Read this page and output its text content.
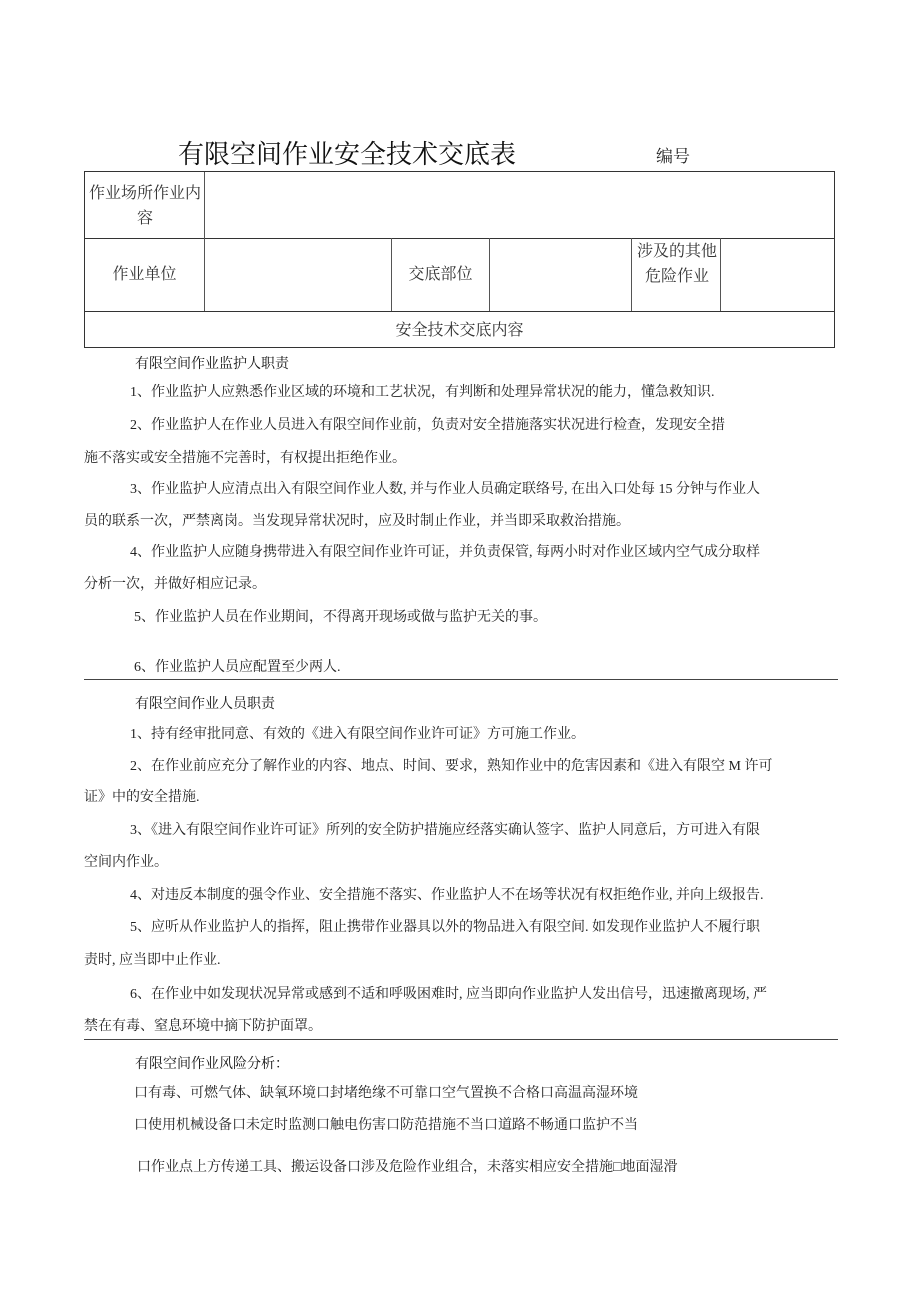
有限空间作业安全技术交底表	编号
作业场所作业内容
作业单位	交底部位
涉及的其他危险作业
安全技术交底内容
有限空间作业监护人职责
1、作业监护人应熟悉作业区域的环境和工艺状况，有判断和处理异常状况的能力，懂急救知识.
2、作业监护人在作业人员进入有限空间作业前，负责对安全措施落实状况进行检查，发现安全措
施不落实或安全措施不完善时，有权提出拒绝作业。
3、作业监护人应清点出入有限空间作业人数, 并与作业人员确定联络号, 在出入口处每 15 分钟与作业人
员的联系一次，严禁离岗。当发现异常状况时，应及时制止作业，并当即采取救治措施。
4、作业监护人应随身携带进入有限空间作业许可证，并负责保管, 每两小时对作业区域内空气成分取样
分析一次，并做好相应记录。
5、作业监护人员在作业期间，不得离开现场或做与监护无关的事。
6、作业监护人员应配置至少两人.
有限空间作业人员职责
1、持有经审批同意、有效的《进入有限空间作业许可证》方可施工作业。
2、在作业前应充分了解作业的内容、地点、时间、要求，熟知作业中的危害因素和《进入有限空 M 许可
证》中的安全措施.
3、《进入有限空间作业许可证》所列的安全防护措施应经落实确认签字、监护人同意后，方可进入有限
空间内作业。
4、对违反本制度的强令作业、安全措施不落实、作业监护人不在场等状况有权拒绝作业, 并向上级报告.
5、应听从作业监护人的指挥，阻止携带作业器具以外的物品进入有限空间. 如发现作业监护人不履行职
责时, 应当即中止作业.
6、在作业中如发现状况异常或感到不适和呼吸困难时, 应当即向作业监护人发出信号，迅速撤离现场, 严
禁在有毒、窒息环境中摘下防护面罩。
有限空间作业风险分析：
口有毒、可燃气体、缺氧环境口封堵绝缘不可靠口空气置换不合格口高温高湿环境
口使用机械设备口未定时监测口触电伤害口防范措施不当口道路不畅通口监护不当
口作业点上方传递工具、搬运设备口涉及危险作业组合，未落实相应安全措施□地面湿滑
